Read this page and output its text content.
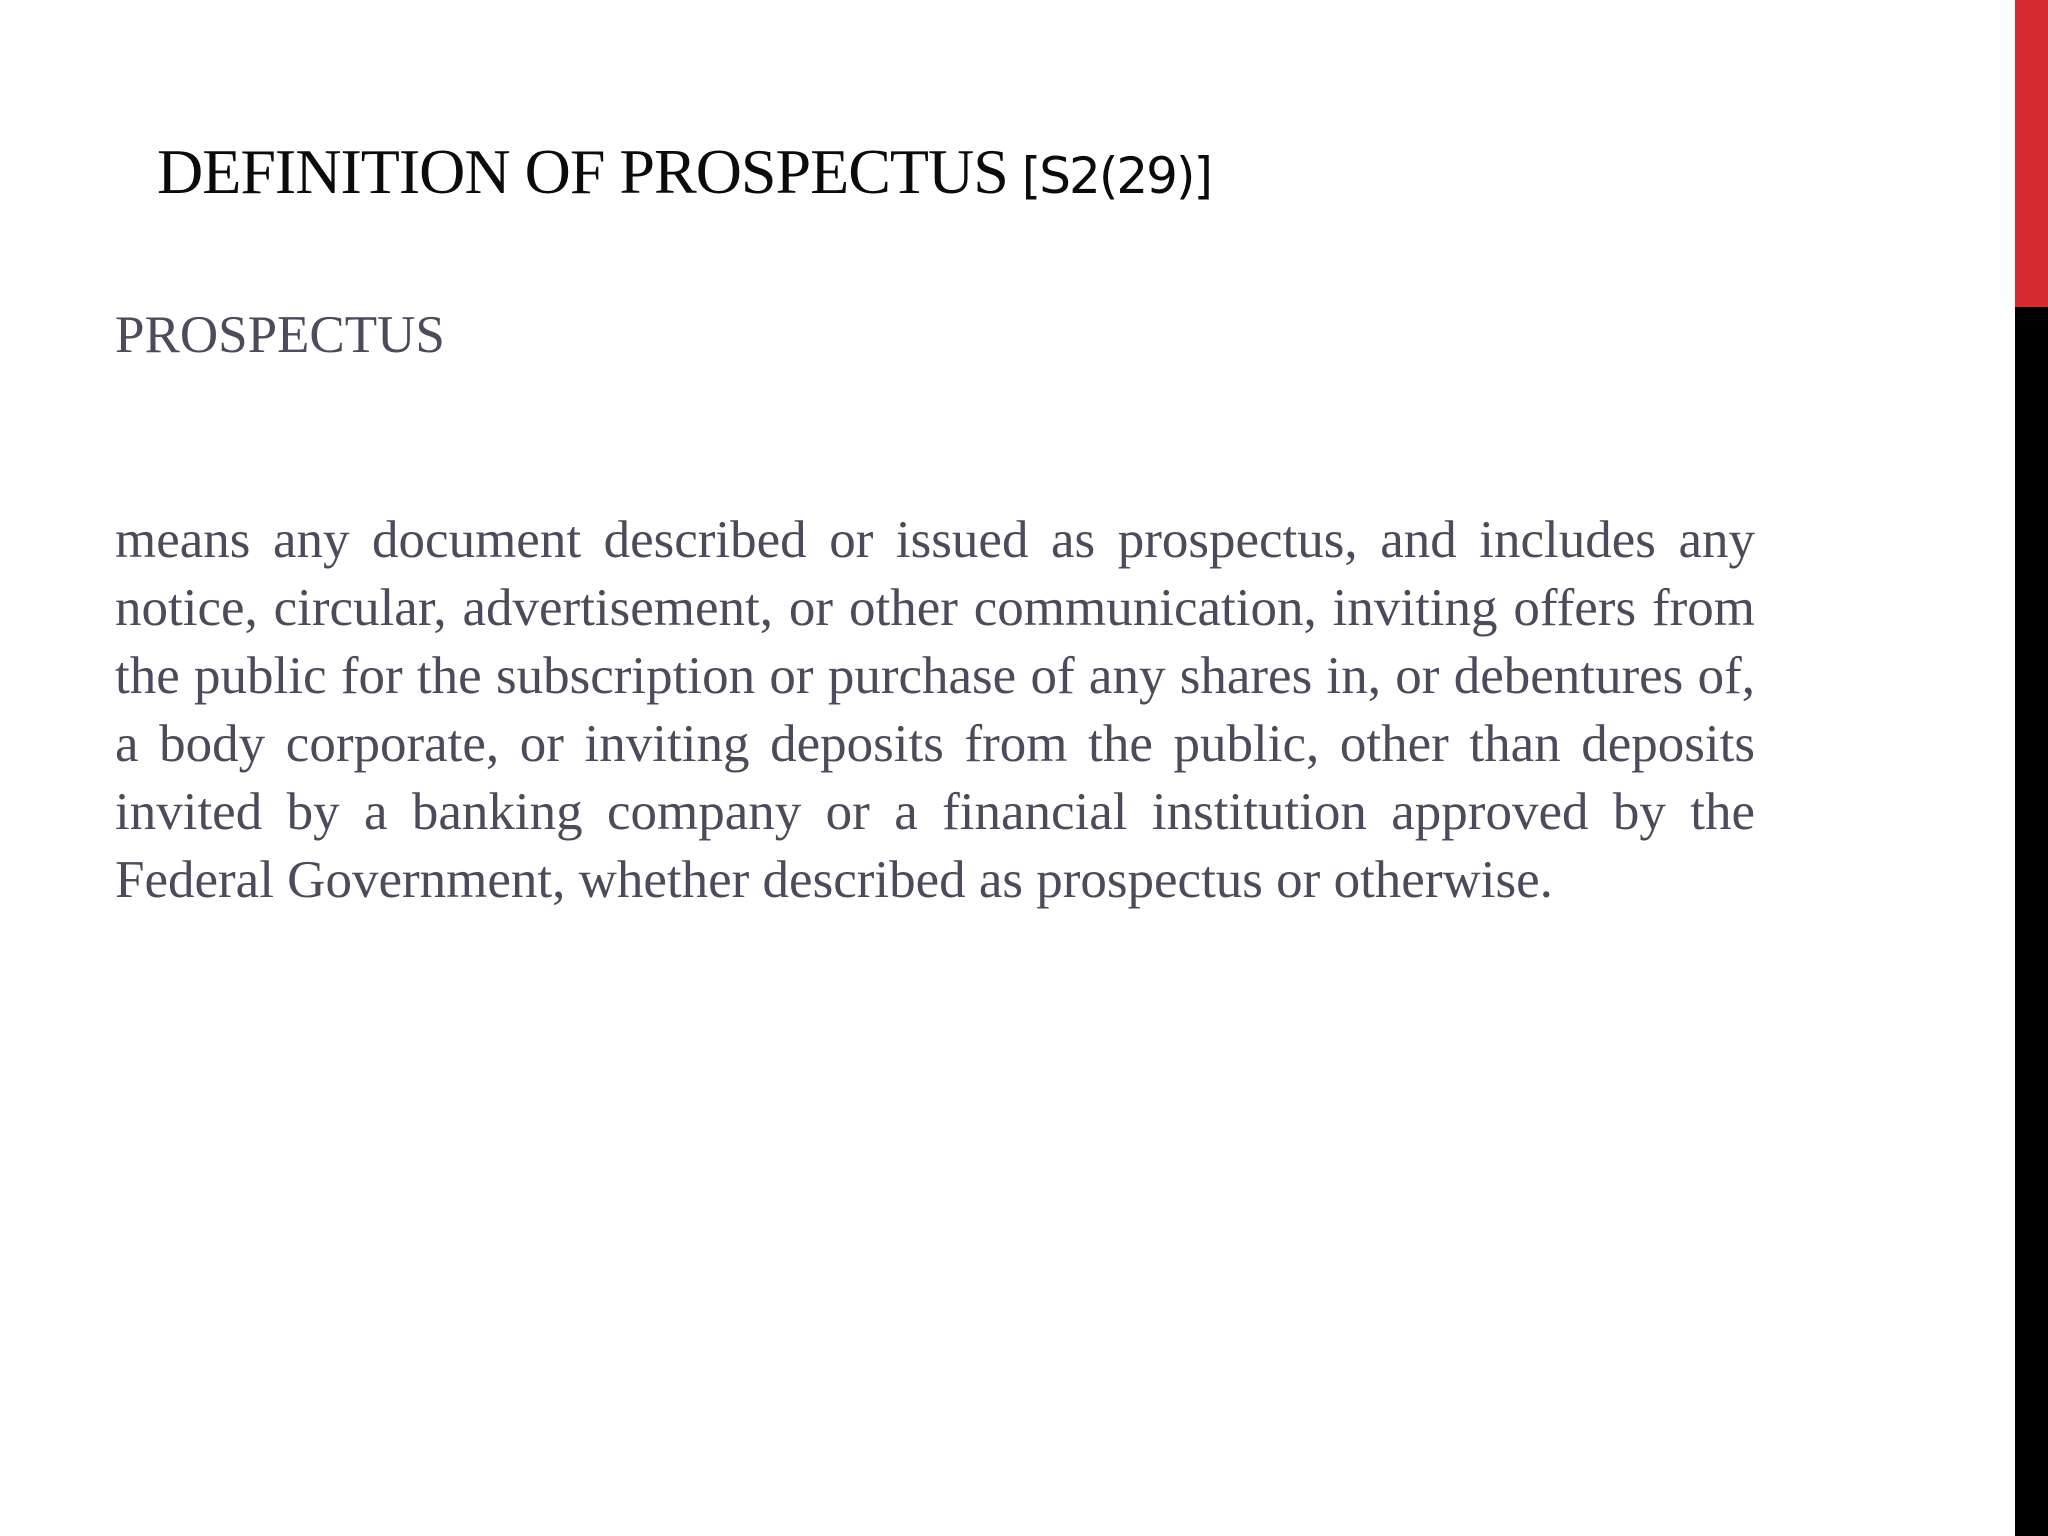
DEFINITION OF PROSPECTUS [S2(29)]
PROSPECTUS

means any document described or issued as prospectus, and includes any notice, circular, advertisement, or other communication, inviting offers from the public for the subscription or purchase of any shares in, or debentures of, a body corporate, or inviting deposits from the public, other than deposits invited by a banking company or a financial institution approved by the Federal Government, whether described as prospectus or otherwise.
